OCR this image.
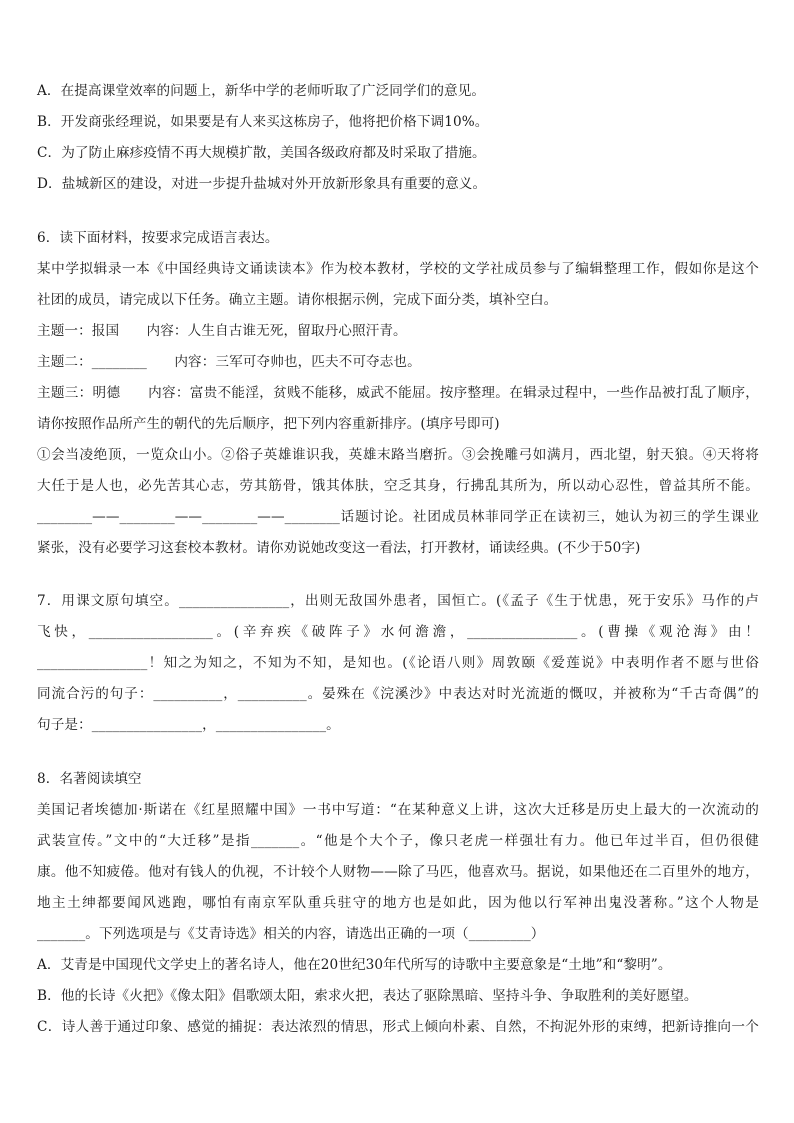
A．在提高课堂效率的问题上，新华中学的老师听取了广泛同学们的意见。
B．开发商张经理说，如果要是有人来买这栋房子，他将把价格下调10%。
C．为了防止麻疹疫情不再大规模扩散，美国各级政府都及时采取了措施。
D．盐城新区的建设，对进一步提升盐城对外开放新形象具有重要的意义。
6．读下面材料，按要求完成语言表达。
某中学拟辑录一本《中国经典诗文诵读读本》作为校本教材，学校的文学社成员参与了编辑整理工作，假如你是这个
社团的成员，请完成以下任务。确立主题。请你根据示例，完成下面分类，填补空白。
主题一：报国　　内容：人生自古谁无死，留取丹心照汗青。
主题二：________　　内容：三军可夺帅也，匹夫不可夺志也。
主题三：明德　　内容：富贵不能淫，贫贱不能移，威武不能屈。按序整理。在辑录过程中，一些作品被打乱了顺序，
请你按照作品所产生的朝代的先后顺序，把下列内容重新排序。(填序号即可)
①会当凌绝顶，一览众山小。②俗子英雄谁识我，英雄末路当磨折。③会挽雕弓如满月，西北望，射天狼。④天将将
大任于是人也，必先苦其心志，劳其筋骨，饿其体肤，空乏其身，行拂乱其所为，所以动心忍性，曾益其所不能。
________——________——________——________话题讨论。社团成员林菲同学正在读初三，她认为初三的学生课业
紧张，没有必要学习这套校本教材。请你劝说她改变这一看法，打开教材，诵读经典。(不少于50字)
7．用课文原句填空。________________，出则无敌国外患者，国恒亡。(《孟子《生于忧患，死于安乐》马作的卢
飞快，__________________。(辛弃疾《破阵子》水何澹澹，________________。(曹操《观沧海》由！
________________！知之为知之，不知为不知，是知也。(《论语八则》周敦颐《爱莲说》中表明作者不愿与世俗
同流合污的句子：__________，__________。晏殊在《浣溪沙》中表达对时光流逝的慨叹，并被称为“千古奇偶”的
句子是：________________，________________。
8．名著阅读填空
美国记者埃德加·斯诺在《红星照耀中国》一书中写道：“在某种意义上讲，这次大迁移是历史上最大的一次流动的
武装宣传。”文中的“大迁移”是指_______。“他是个大个子，像只老虎一样强壮有力。他已年过半百，但仍很健
康。他不知疲倦。他对有钱人的仇视，不计较个人财物——除了马匹，他喜欢马。据说，如果他还在二百里外的地方，
地主土绅都要闻风逃跑，哪怕有南京军队重兵驻守的地方也是如此，因为他以行军神出鬼没著称。”这个人物是
_______。下列选项是与《艾青诗选》相关的内容，请选出正确的一项（_________）
A．艾青是中国现代文学史上的著名诗人，他在20世纪30年代所写的诗歌中主要意象是“土地”和“黎明”。
B．他的长诗《火把》《像太阳》倡歌颂太阳，索求火把，表达了驱除黑暗、坚持斗争、争取胜利的美好愿望。
C．诗人善于通过印象、感觉的捕捉：表达浓烈的情思，形式上倾向朴素、自然，不拘泥外形的束缚，把新诗推向一个
